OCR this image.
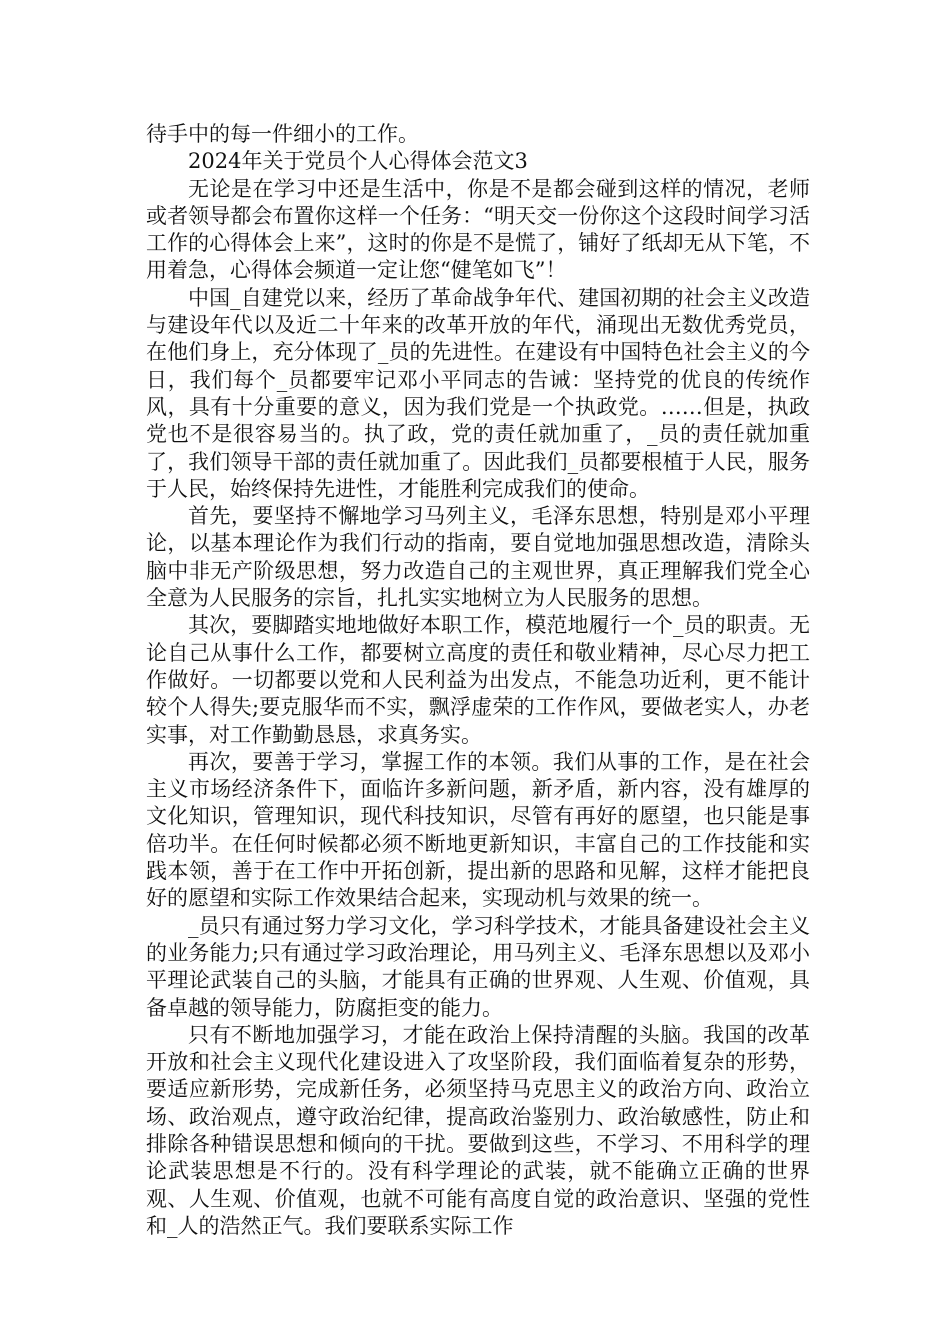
待手中的每一件细小的工作。

2024年关于党员个人心得体会范文3

无论是在学习中还是生活中，你是不是都会碰到这样的情况，老师或者领导都会布置你这样一个任务：“明天交一份你这个这段时间学习活工作的心得体会上来”，这时的你是不是慌了，铺好了纸却无从下笔，不用着急，心得体会频道一定让您“健笔如飞”！

中国_自建党以来，经历了革命战争年代、建国初期的社会主义改造与建设年代以及近二十年来的改革开放的年代，涌现出无数优秀党员，在他们身上，充分体现了_员的先进性。在建设有中国特色社会主义的今日，我们每个_员都要牢记邓小平同志的告诫：坚持党的优良的传统作风，具有十分重要的意义，因为我们党是一个执政党。……但是，执政党也不是很容易当的。执了政，党的责任就加重了，_员的责任就加重了，我们领导干部的责任就加重了。因此我们_员都要根植于人民，服务于人民，始终保持先进性，才能胜利完成我们的使命。

首先，要坚持不懈地学习马列主义，毛泽东思想，特别是邓小平理论，以基本理论作为我们行动的指南，要自觉地加强思想改造，清除头脑中非无产阶级思想，努力改造自己的主观世界，真正理解我们党全心全意为人民服务的宗旨，扎扎实实地树立为人民服务的思想。

其次，要脚踏实地地做好本职工作，模范地履行一个_员的职责。无论自己从事什么工作，都要树立高度的责任和敬业精神，尽心尽力把工作做好。一切都要以党和人民利益为出发点，不能急功近利，更不能计较个人得失;要克服华而不实，飘浮虚荣的工作作风，要做老实人，办老实事，对工作勤勤恳恳，求真务实。

再次，要善于学习，掌握工作的本领。我们从事的工作，是在社会主义市场经济条件下，面临许多新问题，新矛盾，新内容，没有雄厚的文化知识，管理知识，现代科技知识，尽管有再好的愿望，也只能是事倍功半。在任何时候都必须不断地更新知识，丰富自己的工作技能和实践本领，善于在工作中开拓创新，提出新的思路和见解，这样才能把良好的愿望和实际工作效果结合起来，实现动机与效果的统一。

_员只有通过努力学习文化，学习科学技术，才能具备建设社会主义的业务能力;只有通过学习政治理论，用马列主义、毛泽东思想以及邓小平理论武装自己的头脑，才能具有正确的世界观、人生观、价值观，具备卓越的领导能力，防腐拒变的能力。

只有不断地加强学习，才能在政治上保持清醒的头脑。我国的改革开放和社会主义现代化建设进入了攻坚阶段，我们面临着复杂的形势，要适应新形势，完成新任务，必须坚持马克思主义的政治方向、政治立场、政治观点，遵守政治纪律，提高政治鉴别力、政治敏感性，防止和排除各种错误思想和倾向的干扰。要做到这些，不学习、不用科学的理论武装思想是不行的。没有科学理论的武装，就不能确立正确的世界观、人生观、价值观，也就不可能有高度自觉的政治意识、坚强的党性和_人的浩然正气。我们要联系实际工作
